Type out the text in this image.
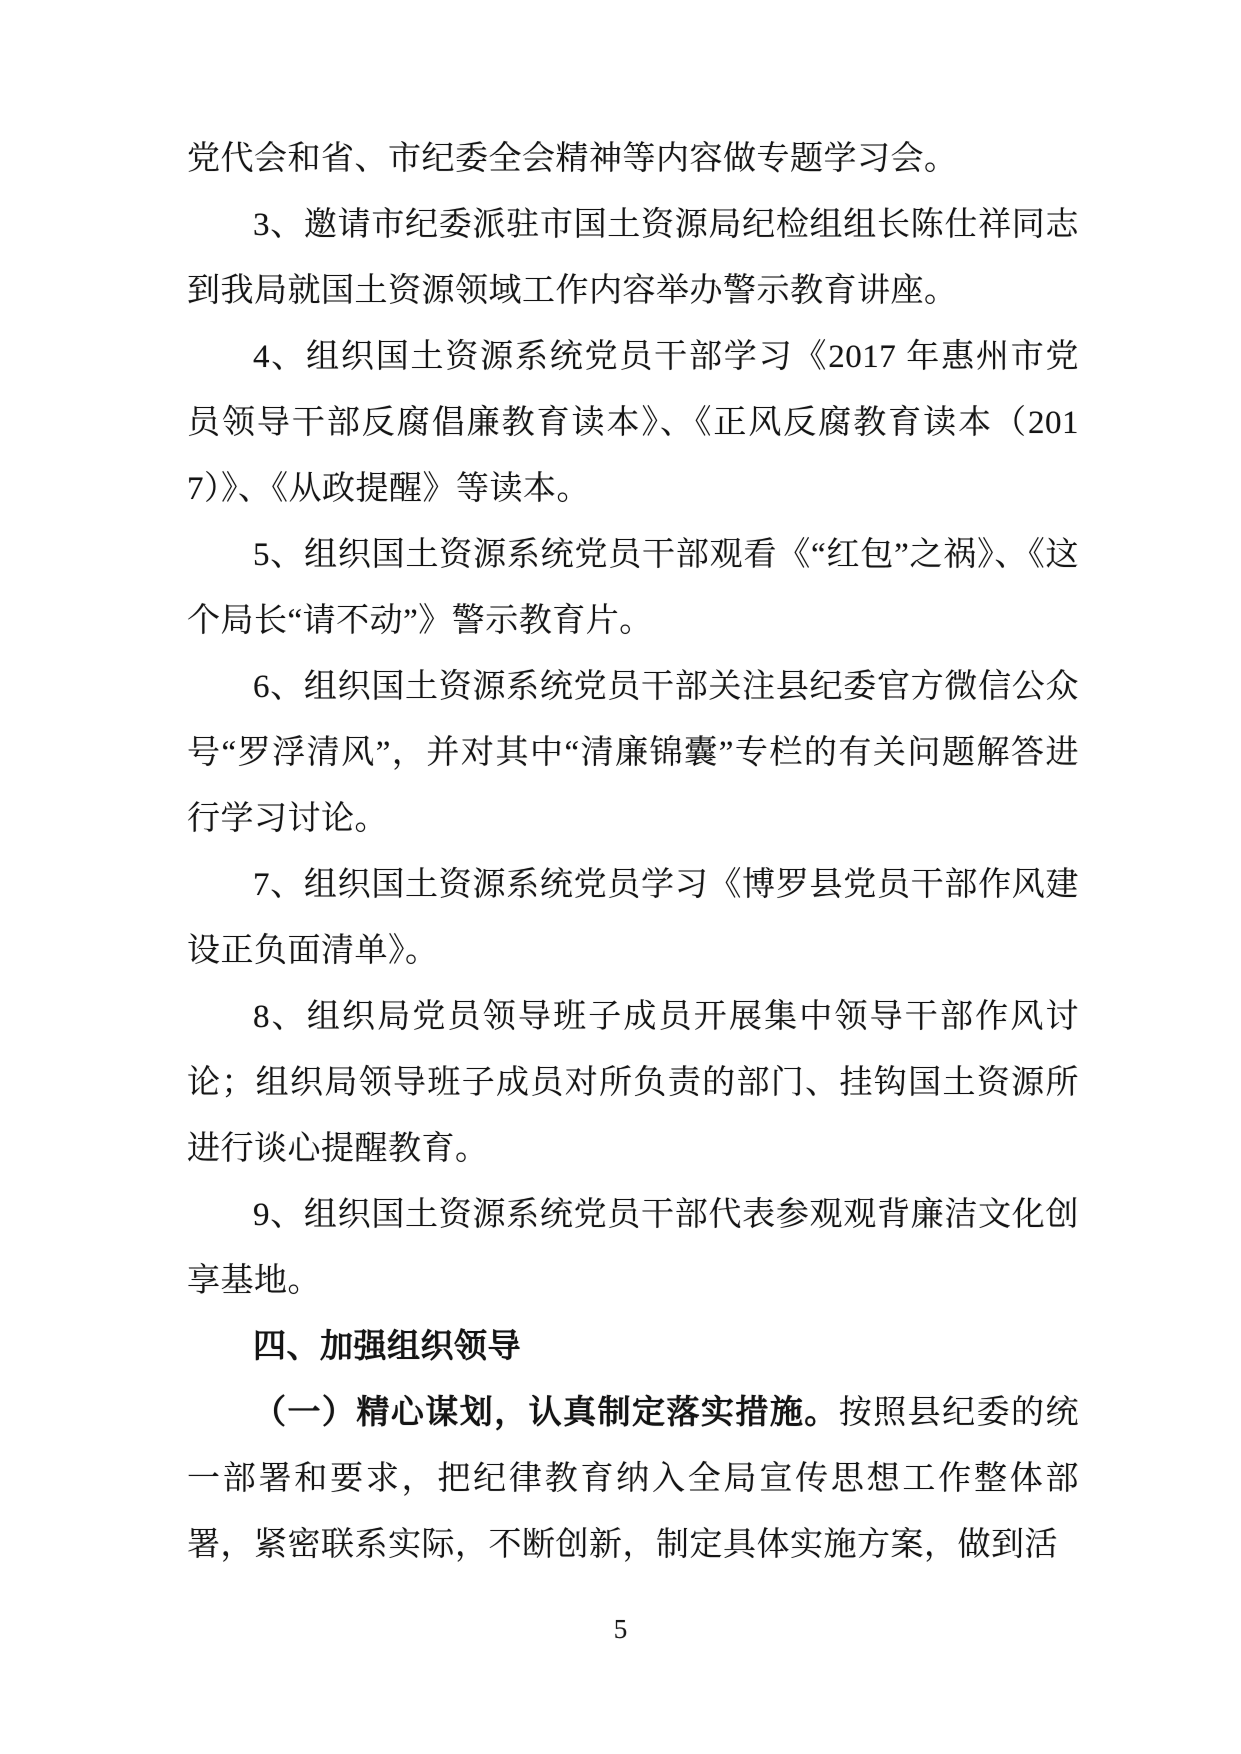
党代会和省、市纪委全会精神等内容做专题学习会。

3、邀请市纪委派驻市国土资源局纪检组组长陈仕祥同志到我局就国土资源领域工作内容举办警示教育讲座。

4、组织国土资源系统党员干部学习《2017 年惠州市党员领导干部反腐倡廉教育读本》、《正风反腐教育读本（2017）》、《从政提醒》等读本。

5、组织国土资源系统党员干部观看《“红包”之祸》、《这个局长“请不动”》警示教育片。

6、组织国土资源系统党员干部关注县纪委官方微信公众号“罗浮清风”，并对其中“清廉锦囊”专栏的有关问题解答进行学习讨论。

7、组织国土资源系统党员学习《博罗县党员干部作风建设正负面清单》。

8、组织局党员领导班子成员开展集中领导干部作风讨论；组织局领导班子成员对所负责的部门、挂钩国土资源所进行谈心提醒教育。

9、组织国土资源系统党员干部代表参观观背廉洁文化创享基地。

四、加强组织领导

（一）精心谋划，认真制定落实措施。按照县纪委的统一部署和要求，把纪律教育纳入全局宣传思想工作整体部署，紧密联系实际，不断创新，制定具体实施方案，做到活

5
